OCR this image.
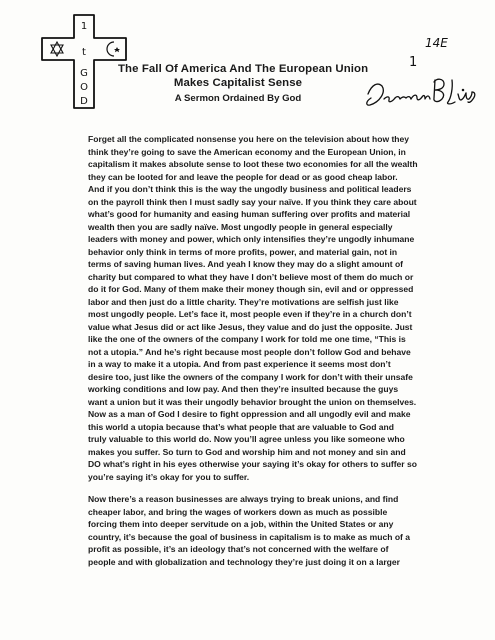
1
t
G
O
D
The Fall Of America And The European Union
Makes Capitalist Sense
A Sermon Ordained By God
14E
1

Forget all the complicated nonsense you here on the television about how they
think they’re going to save the American economy and the European Union, in
capitalism it makes absolute sense to loot these two economies for all the wealth
they can be looted for and leave the people for dead or as good cheap labor.
And if you don’t think this is the way the ungodly business and political leaders
on the payroll think then I must sadly say your naïve. If you think they care about
what’s good for humanity and easing human suffering over profits and material
wealth then you are sadly naïve. Most ungodly people in general especially
leaders with money and power, which only intensifies they’re ungodly inhumane
behavior only think in terms of more profits, power, and material gain, not in
terms of saving human lives. And yeah I know they may do a slight amount of
charity but compared to what they have I don’t believe most of them do much or
do it for God. Many of them make their money though sin, evil and or oppressed
labor and then just do a little charity. They’re motivations are selfish just like
most ungodly people. Let’s face it, most people even if they’re in a church don’t
value what Jesus did or act like Jesus, they value and do just the opposite. Just
like the one of the owners of the company I work for told me one time, “This is
not a utopia.” And he’s right because most people don’t follow God and behave
in a way to make it a utopia. And from past experience it seems most don’t
desire too, just like the owners of the company I work for don’t with their unsafe
working conditions and low pay. And then they’re insulted because the guys
want a union but it was their ungodly behavior brought the union on themselves.
Now as a man of God I desire to fight oppression and all ungodly evil and make
this world a utopia because that’s what people that are valuable to God and
truly valuable to this world do. Now you’ll agree unless you like someone who
makes you suffer. So turn to God and worship him and not money and sin and
DO what’s right in his eyes otherwise your saying it’s okay for others to suffer so
you’re saying it’s okay for you to suffer.

Now there’s a reason businesses are always trying to break unions, and find
cheaper labor, and bring the wages of workers down as much as possible
forcing them into deeper servitude on a job, within the United States or any
country, it’s because the goal of business in capitalism is to make as much of a
profit as possible, it’s an ideology that’s not concerned with the welfare of
people and with globalization and technology they’re just doing it on a larger
